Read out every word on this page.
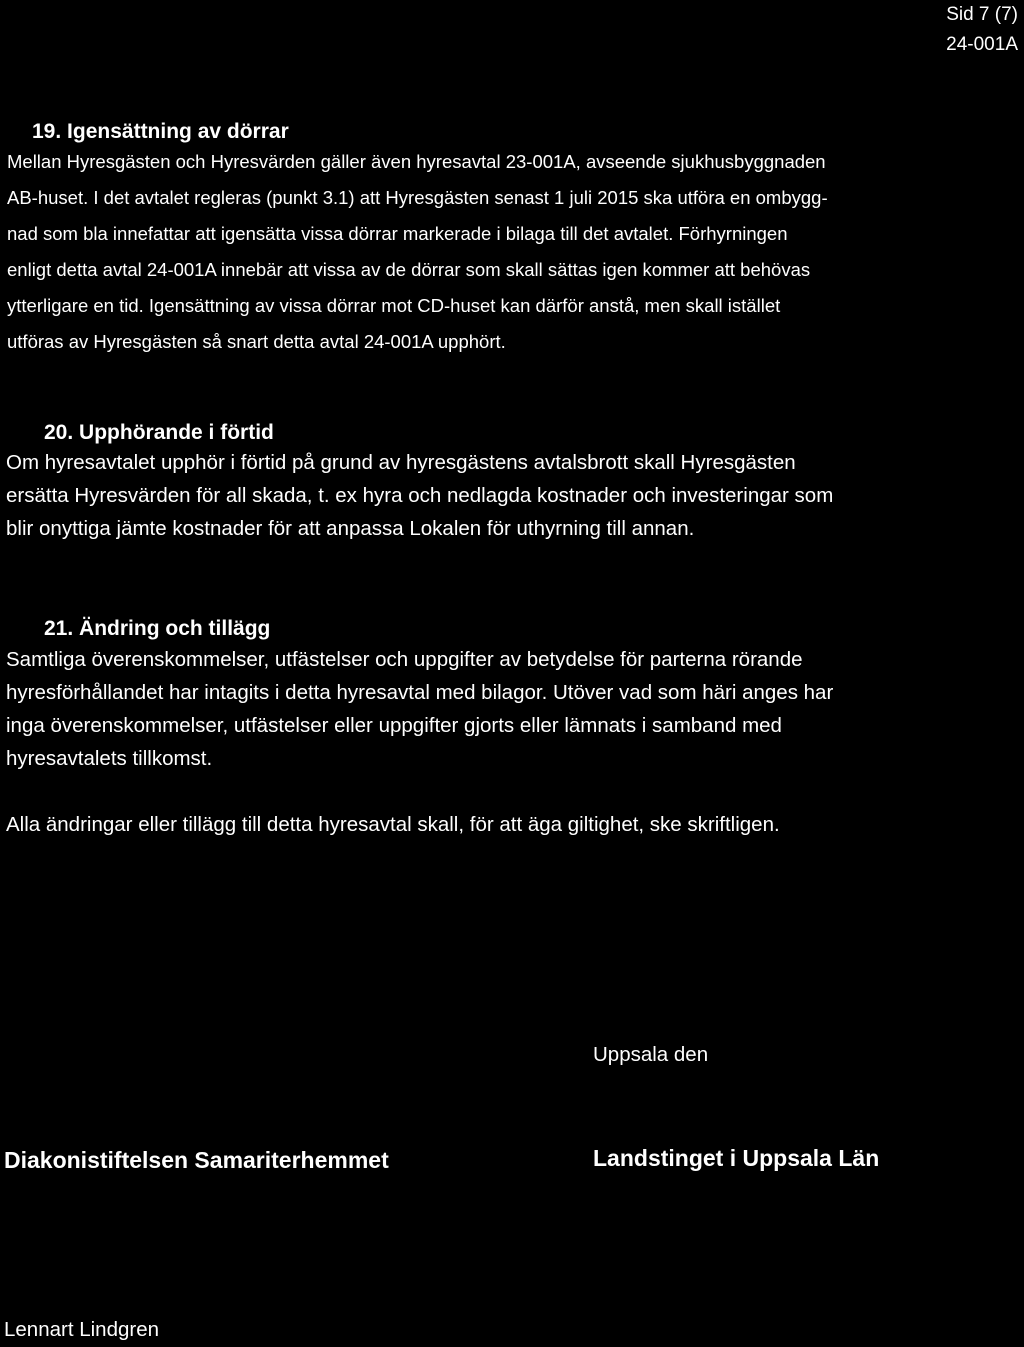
Sid 7 (7)
24-001A
19. Igensättning av dörrar
Mellan Hyresgästen och Hyresvärden gäller även hyresavtal 23-001A, avseende sjukhusbyggnaden
AB-huset. I det avtalet regleras (punkt 3.1) att Hyresgästen senast 1 juli 2015 ska utföra en ombygg-
nad som bla innefattar att igensätta vissa dörrar markerade i bilaga till det avtalet. Förhyrningen
enligt detta avtal 24-001A innebär att vissa av de dörrar som skall sättas igen kommer att behövas
ytterligare en tid. Igensättning av vissa dörrar mot CD-huset kan därför anstå, men skall istället
utföras av Hyresgästen så snart detta avtal 24-001A upphört.
20. Upphörande i förtid
Om hyresavtalet upphör i förtid på grund av hyresgästens avtalsbrott skall Hyresgästen
ersätta Hyresvärden för all skada, t. ex hyra och nedlagda kostnader och investeringar som
blir onyttiga jämte kostnader för att anpassa Lokalen för uthyrning till annan.
21. Ändring och tillägg
Samtliga överenskommelser, utfästelser och uppgifter av betydelse för parterna rörande
hyresförhållandet har intagits i detta hyresavtal med bilagor. Utöver vad som häri anges har
inga överenskommelser, utfästelser eller uppgifter gjorts eller lämnats i samband med
hyresavtalets tillkomst.
Alla ändringar eller tillägg till detta hyresavtal skall, för att äga giltighet, ske skriftligen.
Uppsala den
Diakonistiftelsen Samariterhemmet	Landstinget i Uppsala Län
Lennart Lindgren
